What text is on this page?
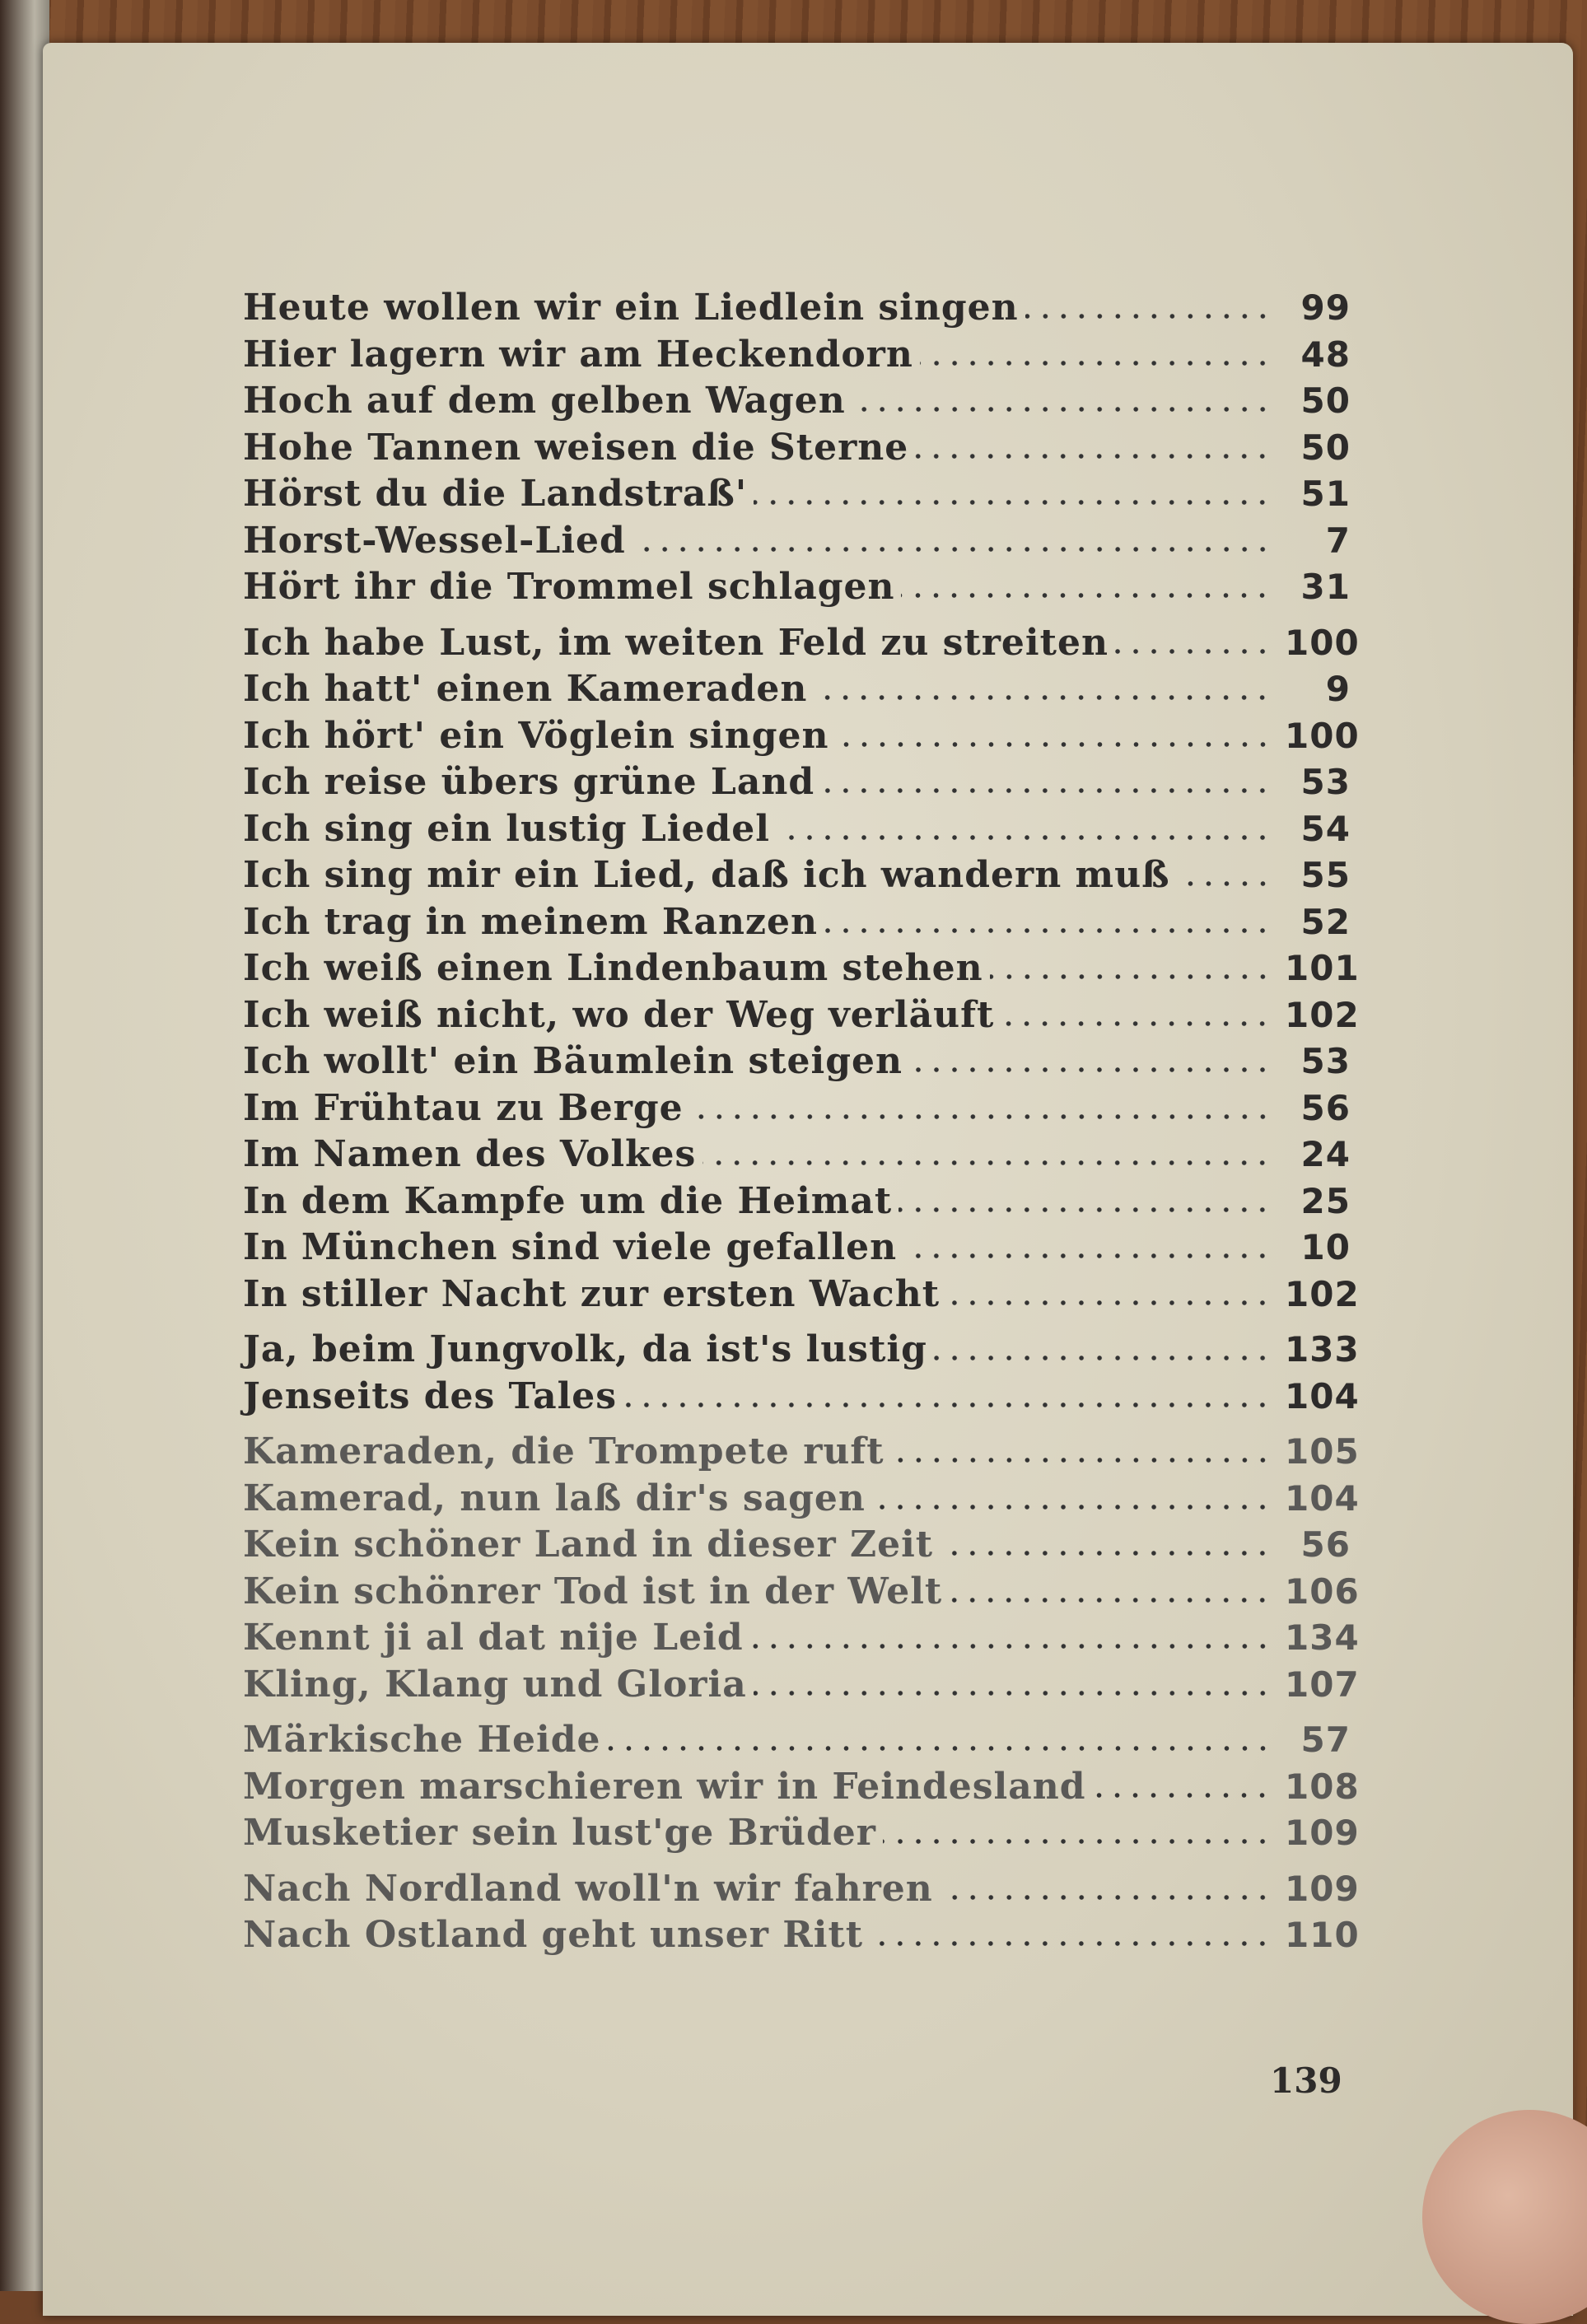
Heute wollen wir ein Liedlein singen	99
Hier lagern wir am Heckendorn	48
Hoch auf dem gelben Wagen	50
Hohe Tannen weisen die Sterne	50
Hörst du die Landstraß'	51
Horst-Wessel-Lied	7
Hört ihr die Trommel schlagen	31
Ich habe Lust, im weiten Feld zu streiten	100
Ich hatt' einen Kameraden	9
Ich hört' ein Vöglein singen	100
Ich reise übers grüne Land	53
Ich sing ein lustig Liedel	54
Ich sing mir ein Lied, daß ich wandern muß	55
Ich trag in meinem Ranzen	52
Ich weiß einen Lindenbaum stehen	101
Ich weiß nicht, wo der Weg verläuft	102
Ich wollt' ein Bäumlein steigen	53
Im Frühtau zu Berge	56
Im Namen des Volkes	24
In dem Kampfe um die Heimat	25
In München sind viele gefallen	10
In stiller Nacht zur ersten Wacht	102
Ja, beim Jungvolk, da ist's lustig	133
Jenseits des Tales	104
Kameraden, die Trompete ruft	105
Kamerad, nun laß dir's sagen	104
Kein schöner Land in dieser Zeit	56
Kein schönrer Tod ist in der Welt	106
Kennt ji al dat nije Leid	134
Kling, Klang und Gloria	107
Märkische Heide	57
Morgen marschieren wir in Feindesland	108
Musketier sein lust'ge Brüder	109
Nach Nordland woll'n wir fahren	109
Nach Ostland geht unser Ritt	110
139
